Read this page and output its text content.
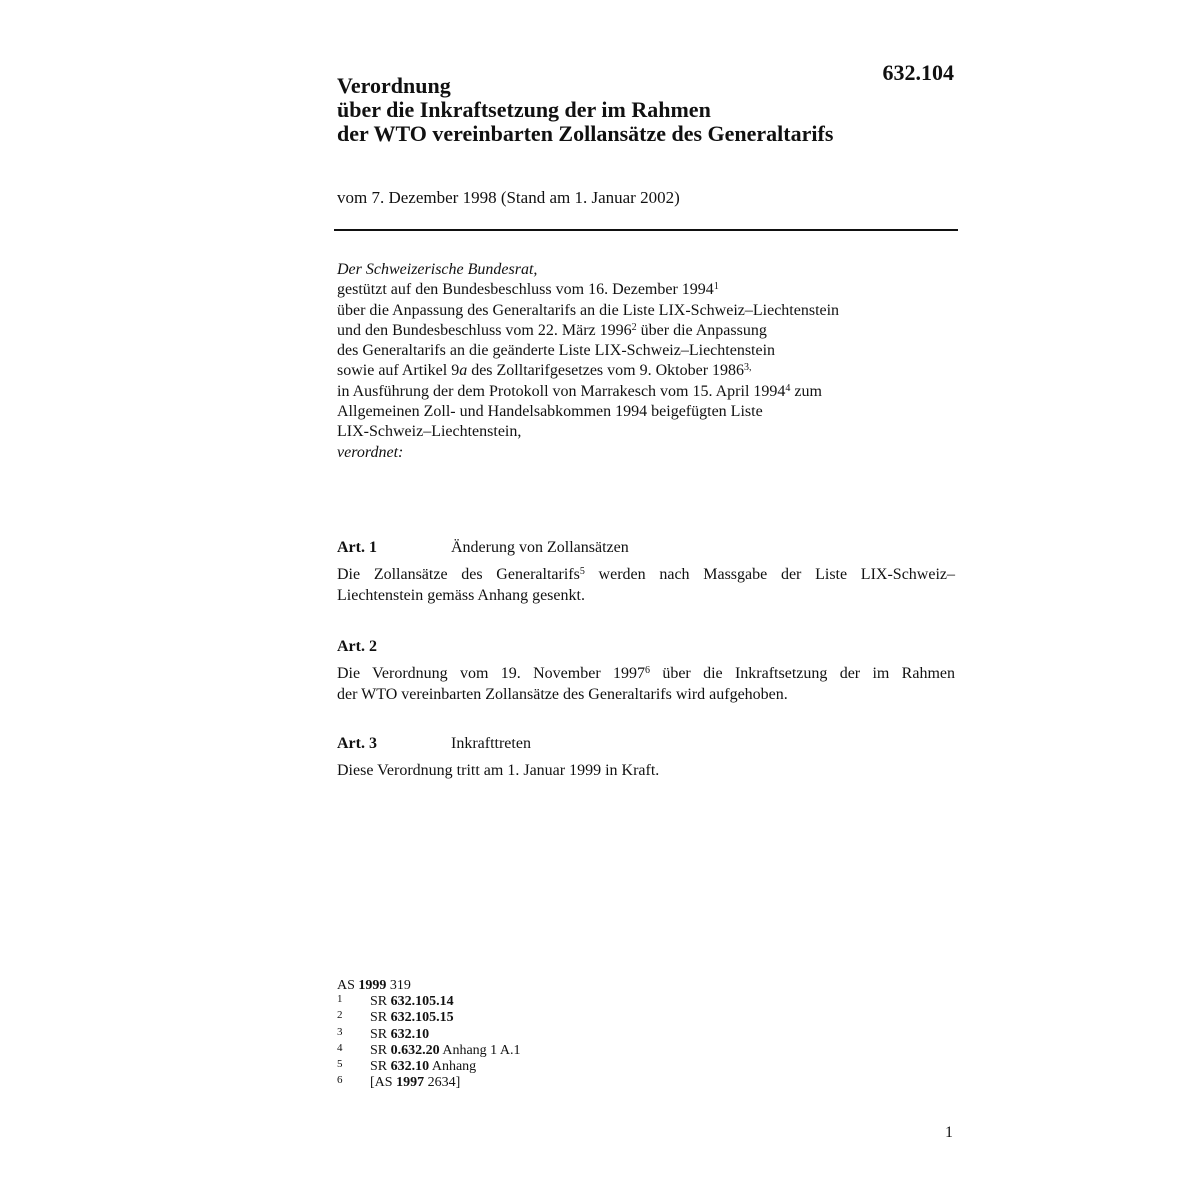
632.104
Verordnung
über die Inkraftsetzung der im Rahmen
der WTO vereinbarten Zollansätze des Generaltarifs
vom 7. Dezember 1998 (Stand am 1. Januar 2002)
Der Schweizerische Bundesrat,
gestützt auf den Bundesbeschluss vom 16. Dezember 1994$^1$
über die Anpassung des Generaltarifs an die Liste LIX-Schweiz–Liechtenstein
und den Bundesbeschluss vom 22. März 1996$^2$ über die Anpassung
des Generaltarifs an die geänderte Liste LIX-Schweiz–Liechtenstein
sowie auf Artikel 9a des Zolltarifgesetzes vom 9. Oktober $1986^{3,}$
in Ausführung der dem Protokoll von Marrakesch vom 15. April 1994$^4$ zum
Allgemeinen Zoll- und Handelsabkommen 1994 beigefügten Liste
LIX-Schweiz–Liechtenstein,
verordnet:
Art. 1	Änderung von Zollansätzen
Die Zollansätze des Generaltarifs$^5$ werden nach Massgabe der Liste LIX-Schweiz–
Liechtenstein gemäss Anhang gesenkt.
Art. 2
Die Verordnung vom 19. November 1997$^6$ über die Inkraftsetzung der im Rahmen
der WTO vereinbarten Zollansätze des Generaltarifs wird aufgehoben.
Art. 3	Inkrafttreten
Diese Verordnung tritt am 1. Januar 1999 in Kraft.
AS 1999 319
1 SR 632.105.14
2 SR 632.105.15
3 SR 632.10
4 SR 0.632.20 Anhang 1 A.1
5 SR 632.10 Anhang
6 [AS 1997 2634]
1
